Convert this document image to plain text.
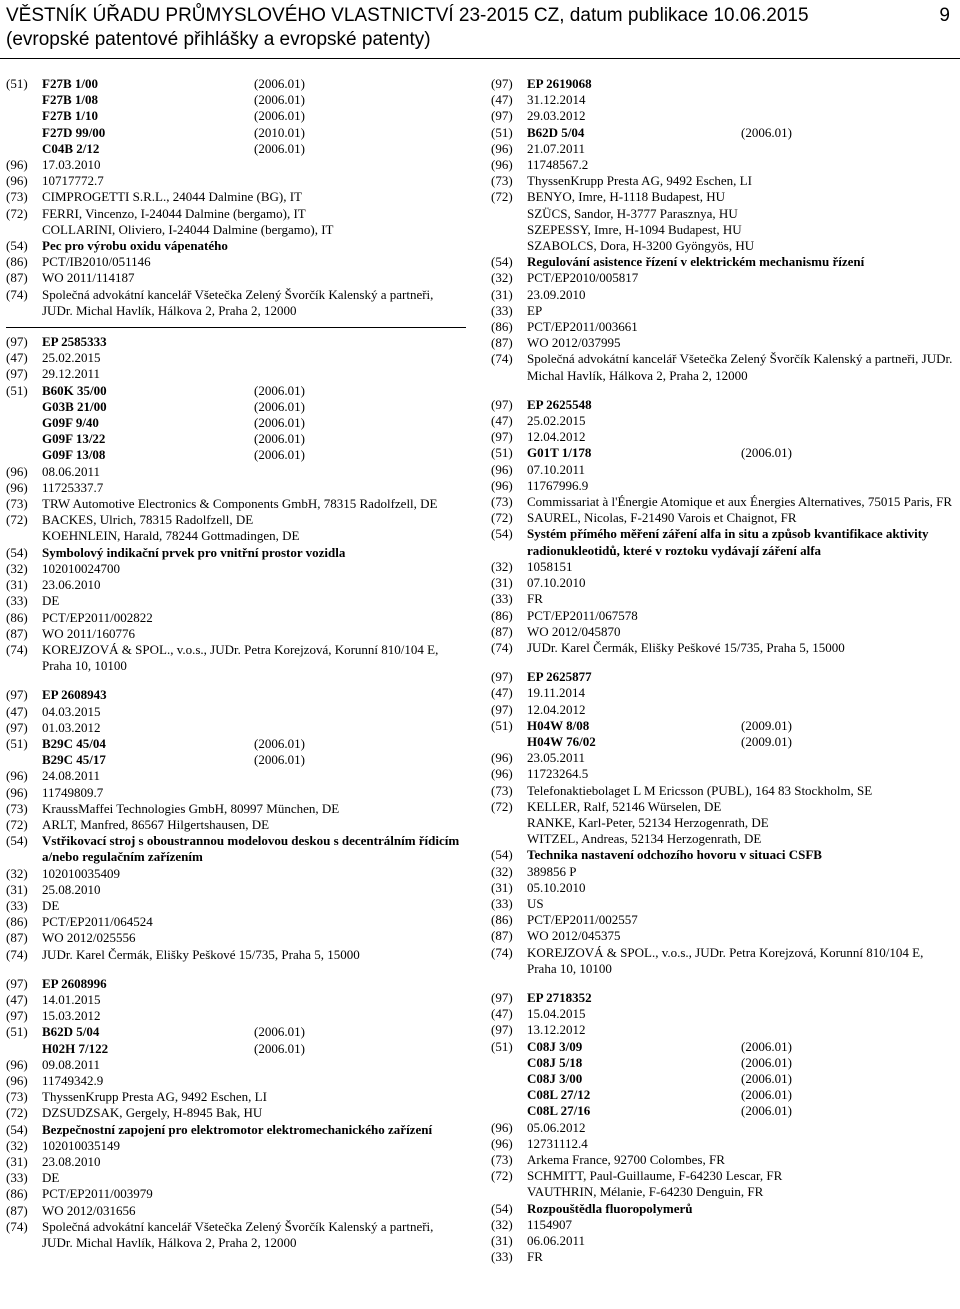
VĚSTNÍK ÚŘADU PRŮMYSLOVÉHO VLASTNICTVÍ 23-2015 CZ, datum publikace 10.06.2015
(evropské patentové přihlášky a evropské patenty)
9
(51)	F27B 1/00	(2006.01)
F27B 1/08	(2006.01)
F27B 1/10	(2006.01)
F27D 99/00	(2010.01)
C04B 2/12	(2006.01)
(96)	17.03.2010
(96)	10717772.7
(73)	CIMPROGETTI S.R.L., 24044 Dalmine (BG), IT
(72)	FERRI, Vincenzo, I-24044 Dalmine (bergamo), IT
COLLARINI, Oliviero, I-24044 Dalmine (bergamo), IT
(54)	Pec pro výrobu oxidu vápenatého
(86)	PCT/IB2010/051146
(87)	WO 2011/114187
(74)	Společná advokátní kancelář Všetečka Zelený Švorčík Kalenský a partneři, JUDr. Michal Havlík, Hálkova 2, Praha 2, 12000
(97)	EP 2585333
(47)	25.02.2015
(97)	29.12.2011
(51)	B60K 35/00	(2006.01)
G03B 21/00	(2006.01)
G09F 9/40	(2006.01)
G09F 13/22	(2006.01)
G09F 13/08	(2006.01)
(96)	08.06.2011
(96)	11725337.7
(73)	TRW Automotive Electronics & Components GmbH, 78315 Radolfzell, DE
(72)	BACKES, Ulrich, 78315 Radolfzell, DE
KOEHNLEIN, Harald, 78244 Gottmadingen, DE
(54)	Symbolový indikační prvek pro vnitřní prostor vozidla
(32)	102010024700
(31)	23.06.2010
(33)	DE
(86)	PCT/EP2011/002822
(87)	WO 2011/160776
(74)	KOREJZOVÁ & SPOL., v.o.s., JUDr. Petra Korejzová, Korunní 810/104 E, Praha 10, 10100
(97)	EP 2608943
(47)	04.03.2015
(97)	01.03.2012
(51)	B29C 45/04	(2006.01)
B29C 45/17	(2006.01)
(96)	24.08.2011
(96)	11749809.7
(73)	KraussMaffei Technologies GmbH, 80997 München, DE
(72)	ARLT, Manfred, 86567 Hilgertshausen, DE
(54)	Vstřikovací stroj s oboustrannou modelovou deskou s decentrálním řídicím a/nebo regulačním zařízením
(32)	102010035409
(31)	25.08.2010
(33)	DE
(86)	PCT/EP2011/064524
(87)	WO 2012/025556
(74)	JUDr. Karel Čermák, Elišky Peškové 15/735, Praha 5, 15000
(97)	EP 2608996
(47)	14.01.2015
(97)	15.03.2012
(51)	B62D 5/04	(2006.01)
H02H 7/122	(2006.01)
(96)	09.08.2011
(96)	11749342.9
(73)	ThyssenKrupp Presta AG, 9492 Eschen, LI
(72)	DZSUDZSAK, Gergely, H-8945 Bak, HU
(54)	Bezpečnostní zapojení pro elektromotor elektromechanického zařízení
(32)	102010035149
(31)	23.08.2010
(33)	DE
(86)	PCT/EP2011/003979
(87)	WO 2012/031656
(74)	Společná advokátní kancelář Všetečka Zelený Švorčík Kalenský a partneři, JUDr. Michal Havlík, Hálkova 2, Praha 2, 12000
(97)	EP 2619068
(47)	31.12.2014
(97)	29.03.2012
(51)	B62D 5/04	(2006.01)
(96)	21.07.2011
(96)	11748567.2
(73)	ThyssenKrupp Presta AG, 9492 Eschen, LI
(72)	BENYO, Imre, H-1118 Budapest, HU
SZÜCS, Sandor, H-3777 Parasznya, HU
SZEPESSY, Imre, H-1094 Budapest, HU
SZABOLCS, Dora, H-3200 Gyöngyös, HU
(54)	Regulování asistence řízení v elektrickém mechanismu řízení
(32)	PCT/EP2010/005817
(31)	23.09.2010
(33)	EP
(86)	PCT/EP2011/003661
(87)	WO 2012/037995
(74)	Společná advokátní kancelář Všetečka Zelený Švorčík Kalenský a partneři, JUDr. Michal Havlík, Hálkova 2, Praha 2, 12000
(97)	EP 2625548
(47)	25.02.2015
(97)	12.04.2012
(51)	G01T 1/178	(2006.01)
(96)	07.10.2011
(96)	11767996.9
(73)	Commissariat à l'Énergie Atomique et aux Énergies Alternatives, 75015 Paris, FR
(72)	SAUREL, Nicolas, F-21490 Varois et Chaignot, FR
(54)	Systém přímého měření záření alfa in situ a způsob kvantifikace aktivity radionukleotidů, které v roztoku vydávají záření alfa
(32)	1058151
(31)	07.10.2010
(33)	FR
(86)	PCT/EP2011/067578
(87)	WO 2012/045870
(74)	JUDr. Karel Čermák, Elišky Peškové 15/735, Praha 5, 15000
(97)	EP 2625877
(47)	19.11.2014
(97)	12.04.2012
(51)	H04W 8/08	(2009.01)
H04W 76/02	(2009.01)
(96)	23.05.2011
(96)	11723264.5
(73)	Telefonaktiebolaget L M Ericsson (PUBL), 164 83 Stockholm, SE
(72)	KELLER, Ralf, 52146 Würselen, DE
RANKE, Karl-Peter, 52134 Herzogenrath, DE
WITZEL, Andreas, 52134 Herzogenrath, DE
(54)	Technika nastavení odchozího hovoru v situaci CSFB
(32)	389856 P
(31)	05.10.2010
(33)	US
(86)	PCT/EP2011/002557
(87)	WO 2012/045375
(74)	KOREJZOVÁ & SPOL., v.o.s., JUDr. Petra Korejzová, Korunní 810/104 E, Praha 10, 10100
(97)	EP 2718352
(47)	15.04.2015
(97)	13.12.2012
(51)	C08J 3/09	(2006.01)
C08J 5/18	(2006.01)
C08J 3/00	(2006.01)
C08L 27/12	(2006.01)
C08L 27/16	(2006.01)
(96)	05.06.2012
(96)	12731112.4
(73)	Arkema France, 92700 Colombes, FR
(72)	SCHMITT, Paul-Guillaume, F-64230 Lescar, FR
VAUTHRIN, Mélanie, F-64230 Denguin, FR
(54)	Rozpouštědla fluoropolymerů
(32)	1154907
(31)	06.06.2011
(33)	FR
